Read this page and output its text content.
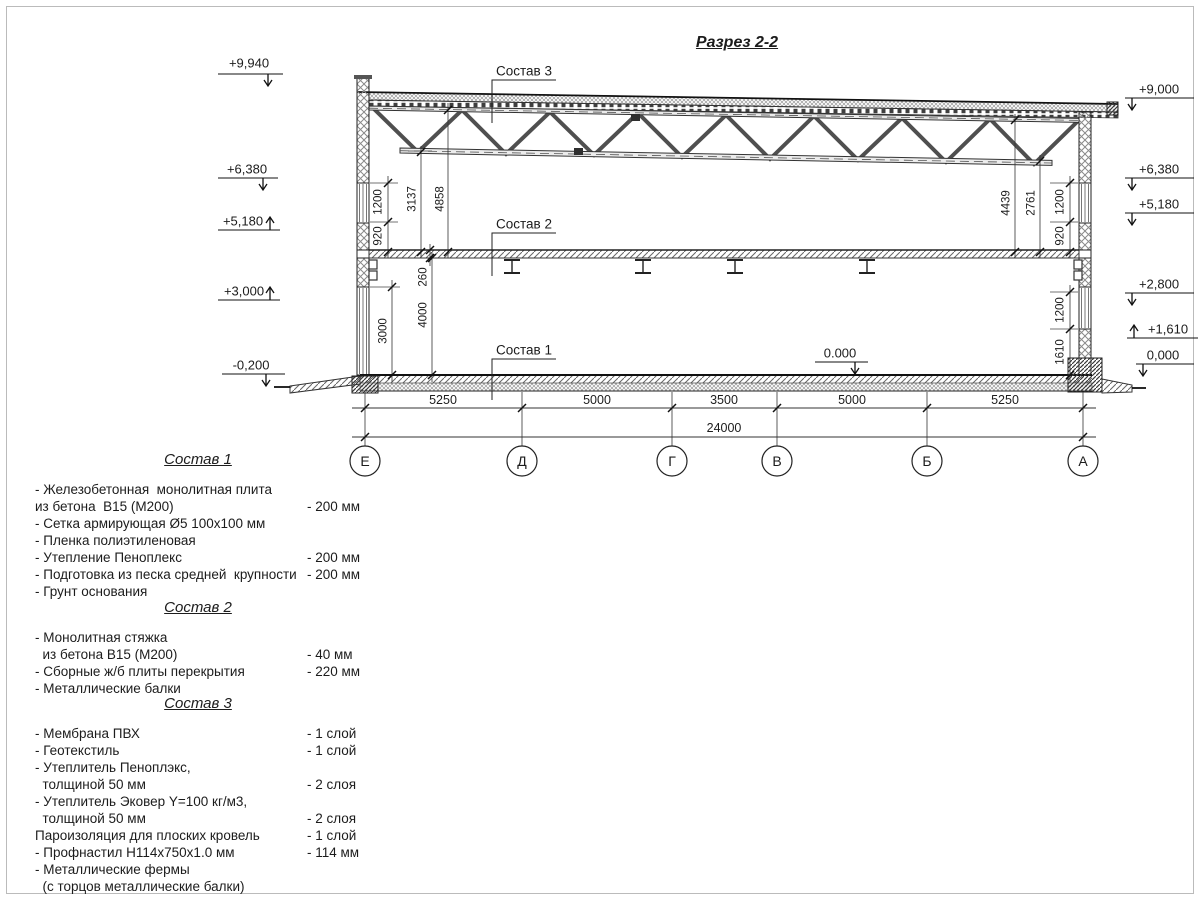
Разрез 2-2
Состав 3
Состав 2
Состав 1
+9,940
+6,380
+5,180
+3,000
-0,200
+9,000
+6,380
+5,180
+2,800
+1,610
0,000
0.000
1200
920
3137 4858
260
3000
4000
4439 2761 1200
920
1200
1610
5250	5000	3500	5000	5250
24000
Е	Д	Г	В	Б	А
Состав 1
- Железобетонная  монолитная плита
из бетона  В15 (М200)	- 200 мм
- Сетка армирующая Ø5 100х100 мм
- Пленка полиэтиленовая
- Утепление Пеноплекс	- 200 мм
- Подготовка из песка средней  крупности - 200 мм
- Грунт основания
Состав 2
- Монолитная стяжка
из бетона В15 (М200)	- 40 мм
- Сборные ж/б плиты перекрытия	- 220 мм
- Металлические балки
Состав 3
- Мембрана ПВХ	- 1 слой
- Геотекстиль	- 1 слой
- Утеплитель Пеноплэкс,
толщиной 50 мм	- 2 слоя
- Утеплитель Эковер Y=100 кг/м3,
толщиной 50 мм	- 2 слоя
Пароизоляция для плоских кровель	- 1 слой
- Профнастил Н114х750х1.0 мм	- 114 мм
- Металлические фермы
(с торцов металлические балки)
